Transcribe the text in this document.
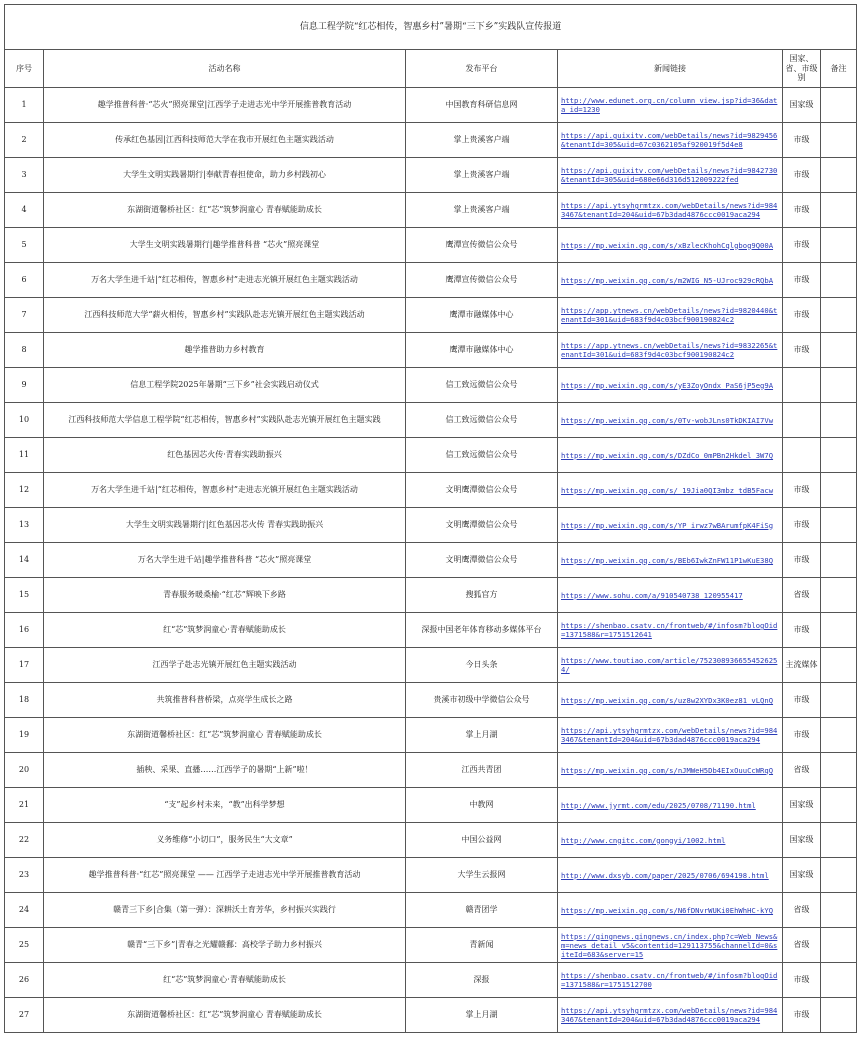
信息工程学院“红芯相传，智惠乡村”暑期“三下乡”实践队宣传报道					
序号	活动名称	发布平台	新闻链接	国家、省、市级别	备注
1	趣学推普科普·“芯火”照亮课堂|江西学子走进志光中学开展推普教育活动	中国教育科研信息网	http://www.edunet.org.cn/column_view.jsp?id=36&data_id=1230	国家级	
2	传承红色基因|江西科技师范大学在我市开展红色主题实践活动	掌上贵溪客户端	https://api.guixitv.com/webDetails/news?id=9829456&tenantId=305&uid=67c0362105af920019f5d4e8	市级	
3	大学生文明实践暑期行|奉献青春担使命，助力乡村践初心	掌上贵溪客户端	https://api.guixitv.com/webDetails/news?id=9842730&tenantId=305&uid=680e66d316d512009222fed	市级	
4	东湖街道馨桥社区：红“芯”筑梦润童心 青春赋能助成长	掌上贵溪客户端	https://api.ytsyhgrmtzx.com/webDetails/news?id=9843467&tenantId=204&uid=67b3dad4876ccc0019aca294	市级	
5	大学生文明实践暑期行|趣学推普科普 “芯火”照亮课堂	鹰潭宣传微信公众号	https://mp.weixin.qq.com/s/xBzlecKhohCqlgbog9Q00A	市级	
6	万名大学生进千站|“红芯相传，智惠乡村”走进志光镇开展红色主题实践活动	鹰潭宣传微信公众号	https://mp.weixin.qq.com/s/m2WIG_N5-UJroc929cRQbA	市级	
7	江西科技师范大学“薪火相传，智惠乡村”实践队赴志光镇开展红色主题实践活动	鹰潭市融媒体中心	https://app.ytnews.cn/webDetails/news?id=9820440&tenantId=301&uid=683f9d4c03bcf900190824c2	市级	
8	趣学推普助力乡村教育	鹰潭市融媒体中心	https://app.ytnews.cn/webDetails/news?id=9832265&tenantId=301&uid=683f9d4c03bcf900190824c2	市级	
9	信息工程学院2025年暑期“三下乡”社会实践启动仪式	信工致远微信公众号	https://mp.weixin.qq.com/s/yE3ZoyOndx_PaS6jP5eg9A		

10	江西科技师范大学信息工程学院“红芯相传，智惠乡村”实践队赴志光镇开展红色主题实践	信工致远微信公众号	https://mp.weixin.qq.com/s/0Tv-wobJLns0TkDKIAI7Vw		

11	红色基因芯火传·青春实践助振兴	信工致远微信公众号	https://mp.weixin.qq.com/s/DZdCo_0mPBn2Hkdel_3W7Q		

12	万名大学生进千站|“红芯相传，智惠乡村”走进志光镇开展红色主题实践活动	文明鹰潭微信公众号	https://mp.weixin.qq.com/s/_19Jia0QI3mbz_tdB5Facw	市级	
13	大学生文明实践暑期行|红色基因芯火传 青春实践助振兴	文明鹰潭微信公众号	https://mp.weixin.qq.com/s/YP_irwz7wBArumfpK4FiSg	市级	
14	万名大学生进千站|趣学推普科普 “芯火”照亮课堂	文明鹰潭微信公众号	https://mp.weixin.qq.com/s/BEb6IwkZnFW11P1wKuE38Q	市级	
15	青春服务暖桑榆·“红芯”辉映下乡路	搜狐官方	https://www.sohu.com/a/910540738_120955417	省级	
16	红“芯”筑梦润童心·青春赋能助成长	深报中国老年体育移动多媒体平台	https://shenbao.csatv.cn/frontweb/#/infosm?blogOid=1371588&r=1751512641	市级	
17	江西学子赴志光镇开展红色主题实践活动	今日头条	https://www.toutiao.com/article/7523089366554526254/	主流媒体	
18	共筑推普科普桥梁，点亮学生成长之路	贵溪市初级中学微信公众号	https://mp.weixin.qq.com/s/uz8w2XYDx3K0ez81_vLQnQ	市级	
19	东湖街道馨桥社区：红“芯”筑梦润童心 青春赋能助成长	掌上月湖	https://api.ytsyhgrmtzx.com/webDetails/news?id=9843467&tenantId=204&uid=67b3dad4876ccc0019aca294	市级	
20	插秧、采果、直播……江西学子的暑期“上新”啦！	江西共青团	https://mp.weixin.qq.com/s/nJMWeH5Db4EIxOuuCcWRqQ	省级	
21	“支”起乡村未来，“教”出科学梦想	中教网	http://www.jyrmt.com/edu/2025/0708/71190.html	国家级	
22	义务维修“小切口”，服务民生“大文章”	中国公益网	http://www.cngitc.com/gongyi/1002.html	国家级	
23	趣学推普科普·“红芯”照亮课堂 —— 江西学子走进志光中学开展推普教育活动	大学生云报网	http://www.dxsyb.com/paper/2025/0706/694198.html	国家级	
24	赣青三下乡|合集（第一弹）：深耕沃土育芳华，乡村振兴实践行	赣青团学	https://mp.weixin.qq.com/s/N6fDNvrWUKi0EhWhHC-kYQ	省级	
25	赣青“三下乡”|青春之光耀赣鄱：高校学子助力乡村振兴	青新闻	https://qingnews.qingnews.cn/index.php?c=Web_News&m=news_detail_v5&contentid=129113755&channelId=0&siteId=683&server=15	省级	
26	红“芯”筑梦润童心·青春赋能助成长	深报	https://shenbao.csatv.cn/frontweb/#/infosm?blogOid=1371588&r=1751512700	市级	
27	东湖街道馨桥社区：红“芯”筑梦润童心 青春赋能助成长	掌上月湖	https://api.ytsyhgrmtzx.com/webDetails/news?id=9843467&tenantId=204&uid=67b3dad4876ccc0019aca294	市级	
